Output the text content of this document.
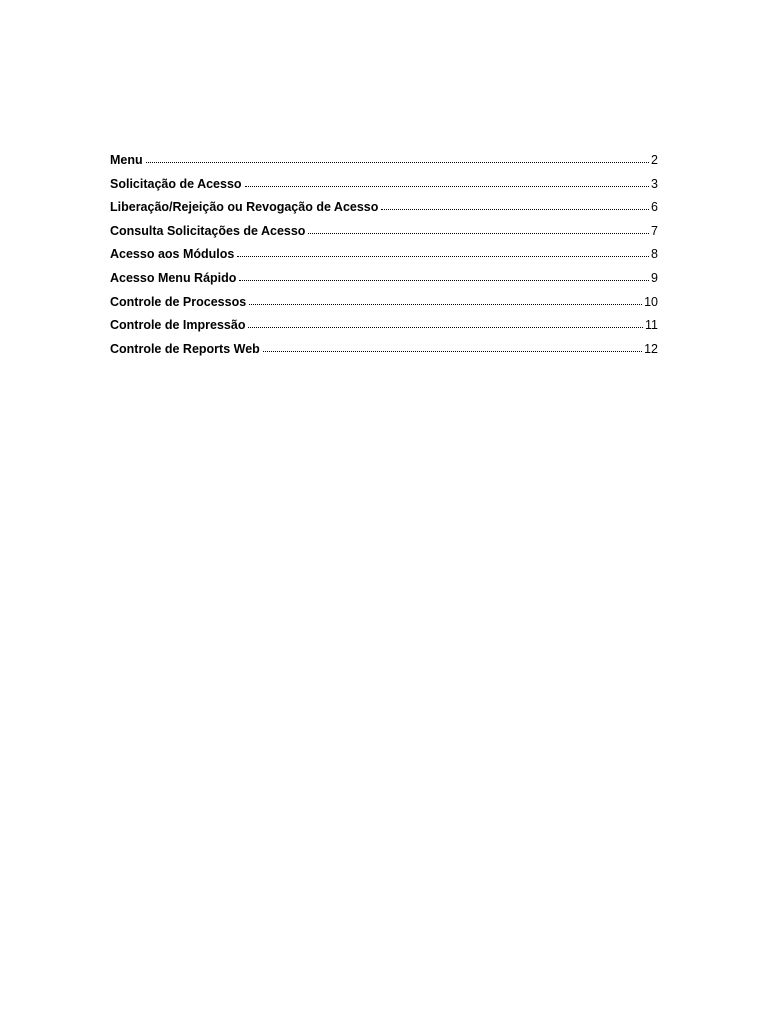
Menu	2
Solicitação de Acesso	3
Liberação/Rejeição ou Revogação de Acesso	6
Consulta Solicitações de Acesso	7
Acesso aos Módulos	8
Acesso Menu Rápido	9
Controle de Processos	10
Controle de Impressão	11
Controle de Reports Web	12
